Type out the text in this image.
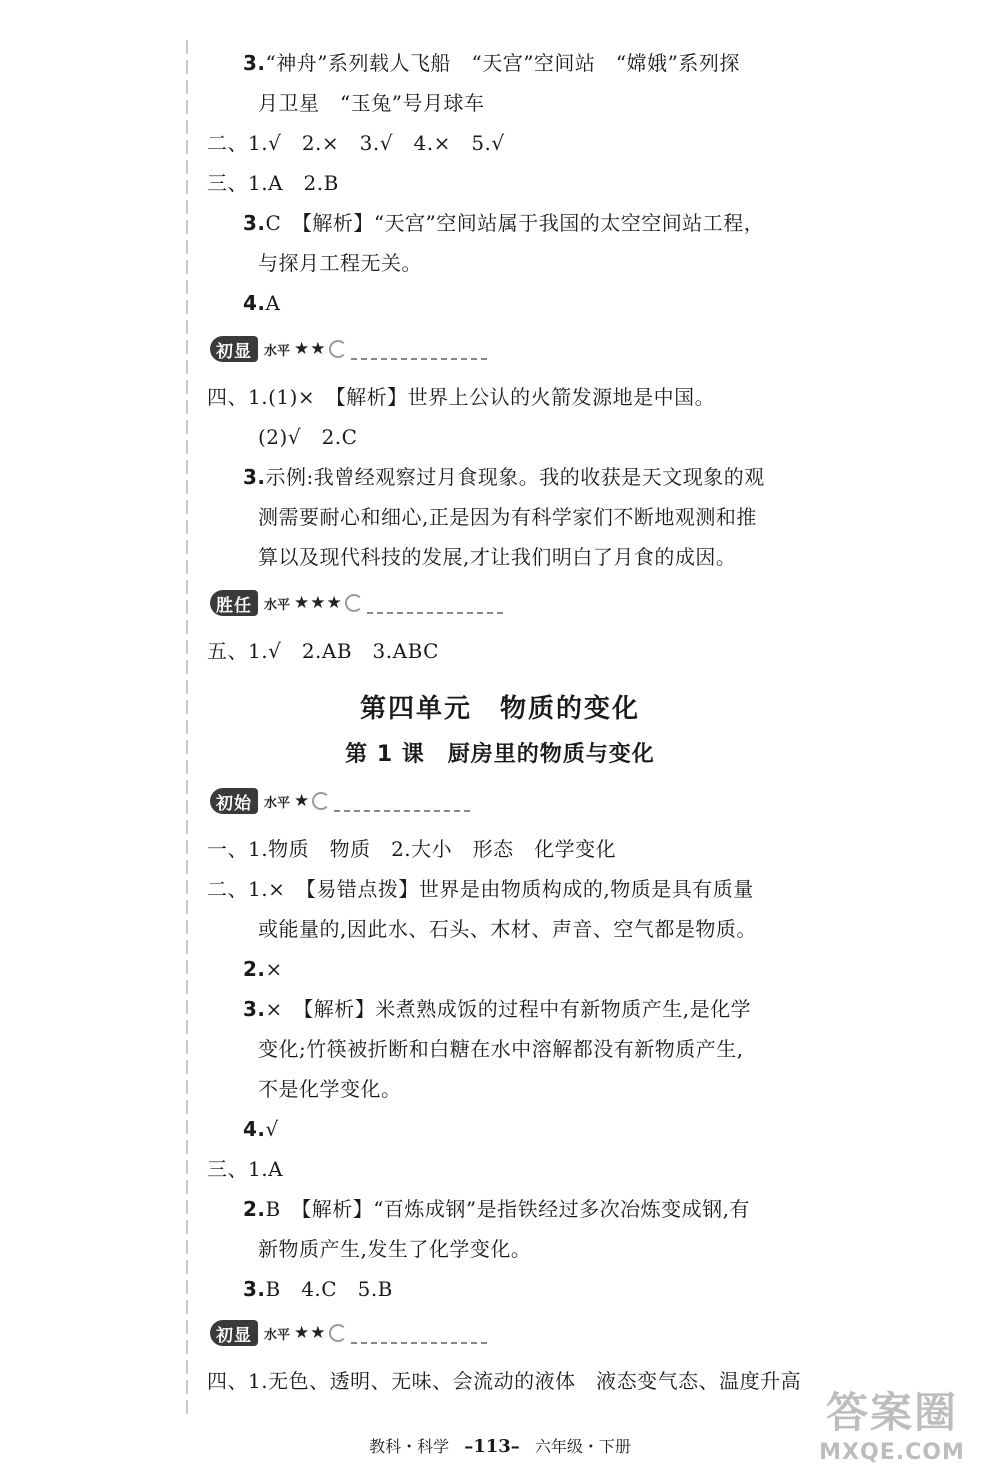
3.“神舟”系列载人飞船　“天宫”空间站　“嫦娥”系列探
月卫星　“玉兔”号月球车
二、1.√　2.×　3.√　4.×　5.√
三、1.A　2.B
3.C　【解析】“天宫”空间站属于我国的太空空间站工程，
与探月工程无关。
4.A
初显 水平 ★★
四、1.(1)×　【解析】世界上公认的火箭发源地是中国。
(2)√　2.C
3.示例:我曾经观察过月食现象。我的收获是天文现象的观
测需要耐心和细心,正是因为有科学家们不断地观测和推
算以及现代科技的发展,才让我们明白了月食的成因。
胜任 水平 ★★★
五、1.√　2.AB　3.ABC
第四单元　物质的变化
第 1 课　厨房里的物质与变化
初始 水平 ★
一、1.物质　物质　2.大小　形态　化学变化
二、1.×　【易错点拨】世界是由物质构成的,物质是具有质量
或能量的,因此水、石头、木材、声音、空气都是物质。
2.×
3.×　【解析】米煮熟成饭的过程中有新物质产生,是化学
变化;竹筷被折断和白糖在水中溶解都没有新物质产生,
不是化学变化。
4.√
三、1.A
2.B　【解析】“百炼成钢”是指铁经过多次冶炼变成钢,有
新物质产生,发生了化学变化。
3.B　4.C　5.B
初显 水平 ★★
四、1.无色、透明、无味、会流动的液体　液态变气态、温度升高
教科・科学 –113– 六年级・下册
答案圈
MXQE.COM
